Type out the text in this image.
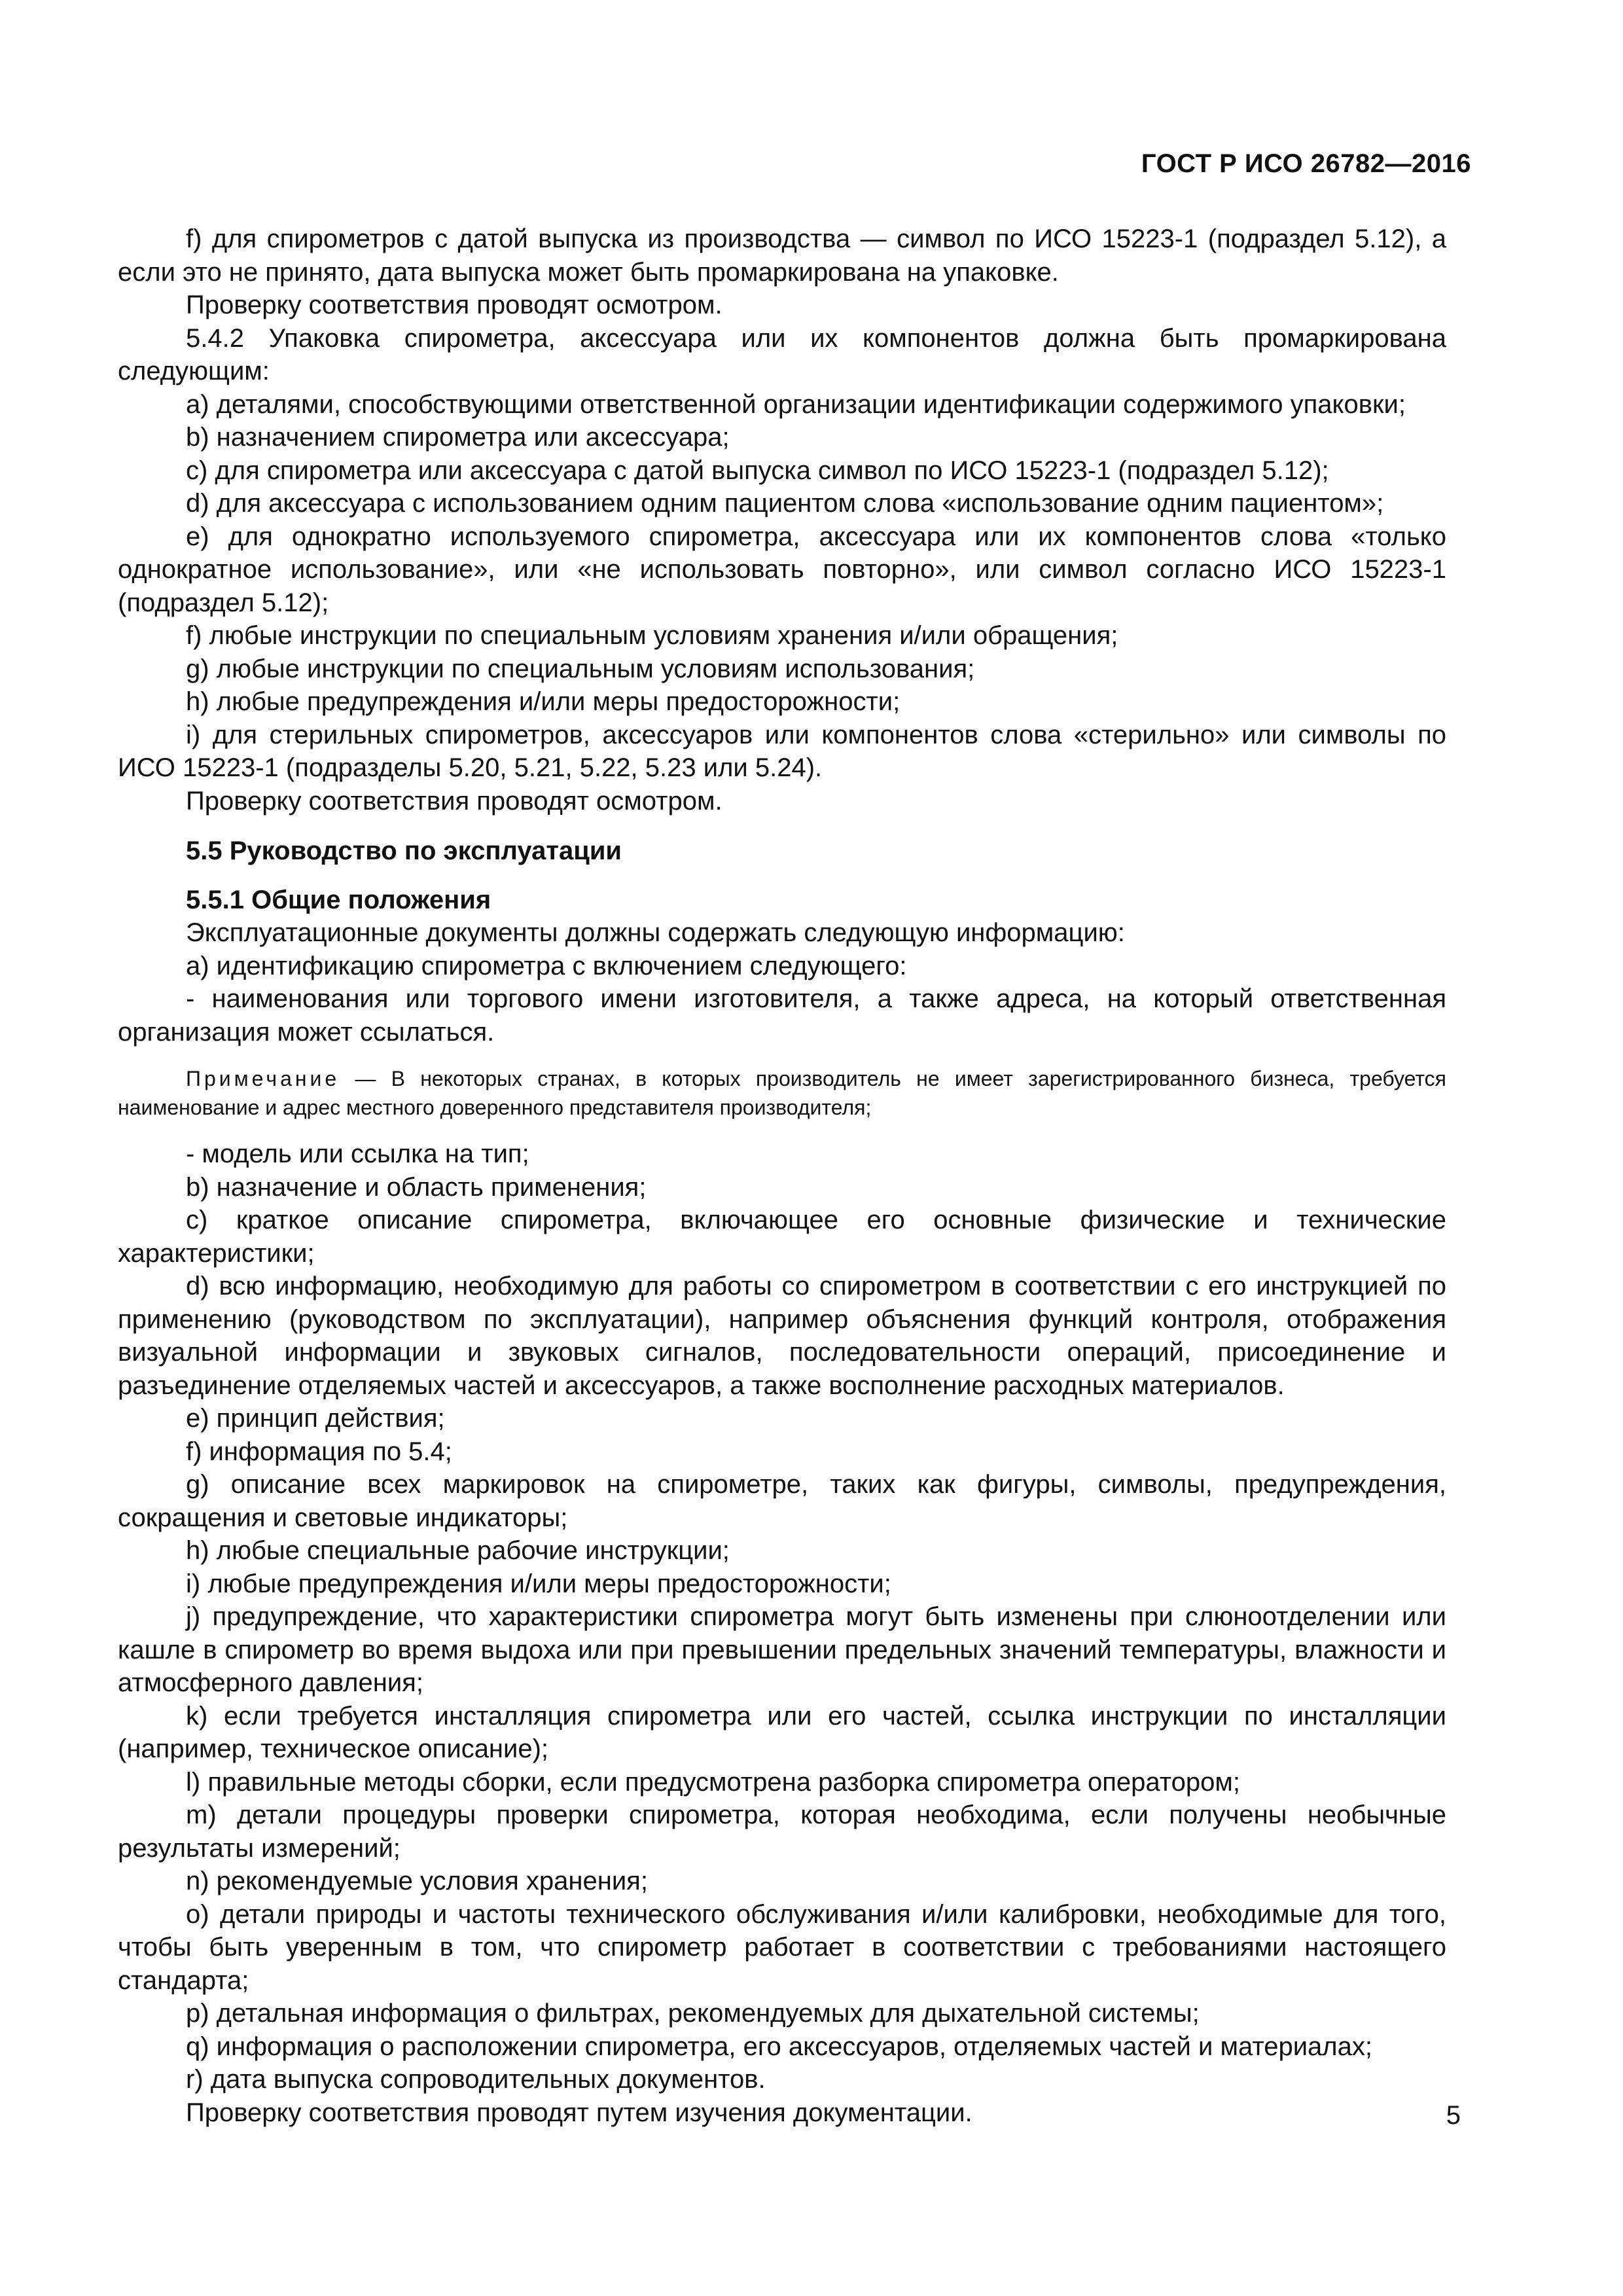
ГОСТ Р ИСО 26782—2016

f) для спирометров с датой выпуска из производства — символ по ИСО 15223-1 (подраздел 5.12), а если это не принято, дата выпуска может быть промаркирована на упаковке.

Проверку соответствия проводят осмотром.

5.4.2 Упаковка спирометра, аксессуара или их компонентов должна быть промаркирована следующим:

a) деталями, способствующими ответственной организации идентификации содержимого упаковки;

b) назначением спирометра или аксессуара;

c) для спирометра или аксессуара с датой выпуска символ по ИСО 15223-1 (подраздел 5.12);

d) для аксессуара с использованием одним пациентом слова «использование одним пациентом»;

e) для однократно используемого спирометра, аксессуара или их компонентов слова «только однократное использование», или «не использовать повторно», или символ согласно ИСО 15223-1 (подраздел 5.12);

f) любые инструкции по специальным условиям хранения и/или обращения;

g) любые инструкции по специальным условиям использования;

h) любые предупреждения и/или меры предосторожности;

i) для стерильных спирометров, аксессуаров или компонентов слова «стерильно» или символы по ИСО 15223-1 (подразделы 5.20, 5.21, 5.22, 5.23 или 5.24).

Проверку соответствия проводят осмотром.

5.5 Руководство по эксплуатации

5.5.1 Общие положения

Эксплуатационные документы должны содержать следующую информацию:

a) идентификацию спирометра с включением следующего:

- наименования или торгового имени изготовителя, а также адреса, на который ответственная организация может ссылаться.

Примечание — В некоторых странах, в которых производитель не имеет зарегистрированного бизнеса, требуется наименование и адрес местного доверенного представителя производителя;

- модель или ссылка на тип;

b) назначение и область применения;

c) краткое описание спирометра, включающее его основные физические и технические характеристики;

d) всю информацию, необходимую для работы со спирометром в соответствии с его инструкцией по применению (руководством по эксплуатации), например объяснения функций контроля, отображения визуальной информации и звуковых сигналов, последовательности операций, присоединение и разъединение отделяемых частей и аксессуаров, а также восполнение расходных материалов.

e) принцип действия;

f) информация по 5.4;

g) описание всех маркировок на спирометре, таких как фигуры, символы, предупреждения, сокращения и световые индикаторы;

h) любые специальные рабочие инструкции;

i) любые предупреждения и/или меры предосторожности;

j) предупреждение, что характеристики спирометра могут быть изменены при слюноотделении или кашле в спирометр во время выдоха или при превышении предельных значений температуры, влажности и атмосферного давления;

k) если требуется инсталляция спирометра или его частей, ссылка инструкции по инсталляции (например, техническое описание);

l) правильные методы сборки, если предусмотрена разборка спирометра оператором;

m) детали процедуры проверки спирометра, которая необходима, если получены необычные результаты измерений;

n) рекомендуемые условия хранения;

o) детали природы и частоты технического обслуживания и/или калибровки, необходимые для того, чтобы быть уверенным в том, что спирометр работает в соответствии с требованиями настоящего стандарта;

p) детальная информация о фильтрах, рекомендуемых для дыхательной системы;

q) информация о расположении спирометра, его аксессуаров, отделяемых частей и материалах;

r) дата выпуска сопроводительных документов.

Проверку соответствия проводят путем изучения документации.	5
